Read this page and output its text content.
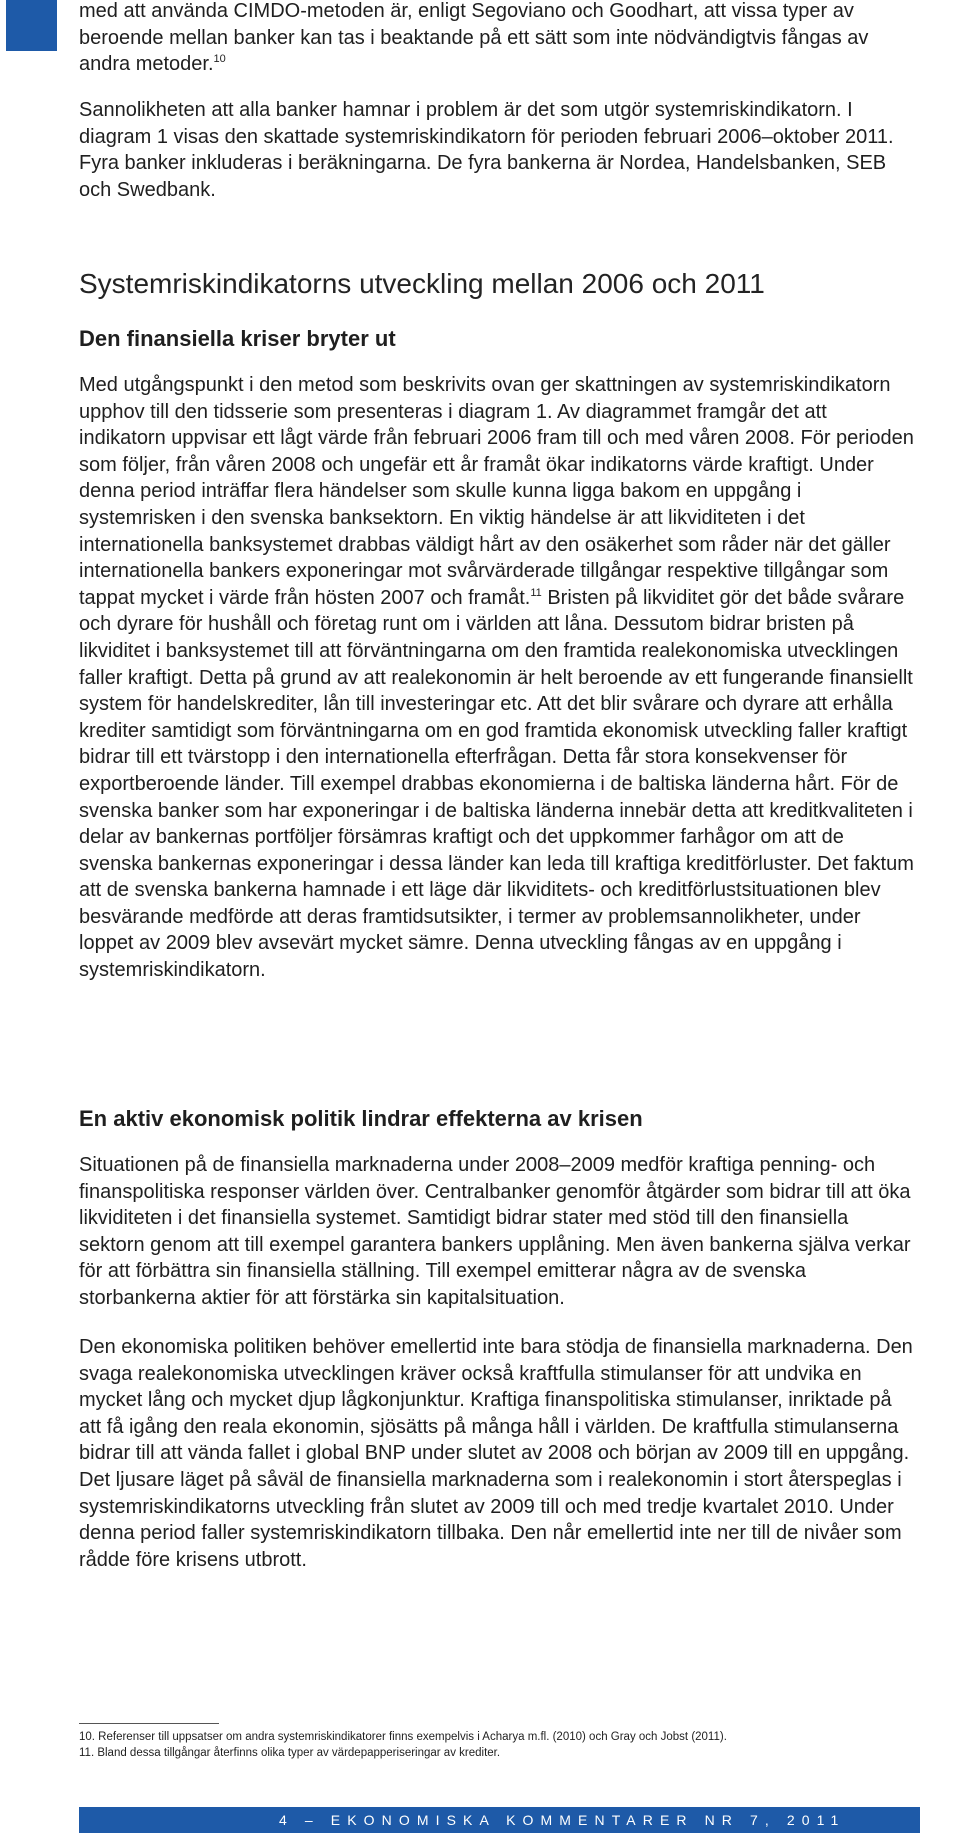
med att använda CIMDO-metoden är, enligt Segoviano och Goodhart, att vissa typer av beroende mellan banker kan tas i beaktande på ett sätt som inte nödvändigtvis fångas av andra metoder.$^{10}$

Sannolikheten att alla banker hamnar i problem är det som utgör systemriskindikatorn. I diagram 1 visas den skattade systemriskindikatorn för perioden februari 2006–oktober 2011. Fyra banker inkluderas i beräkningarna. De fyra bankerna är Nordea, Handelsbanken, SEB och Swedbank.

Systemriskindikatorns utveckling mellan 2006 och 2011
Den finansiella kriser bryter ut

Med utgångspunkt i den metod som beskrivits ovan ger skattningen av systemriskindikatorn upphov till den tidsserie som presenteras i diagram 1. Av diagrammet framgår det att indikatorn uppvisar ett lågt värde från februari 2006 fram till och med våren 2008. För perioden som följer, från våren 2008 och ungefär ett år framåt ökar indikatorns värde kraftigt. Under denna period inträffar flera händelser som skulle kunna ligga bakom en uppgång i systemrisken i den svenska banksektorn. En viktig händelse är att likviditeten i det internationella banksystemet drabbas väldigt hårt av den osäkerhet som råder när det gäller internationella bankers exponeringar mot svårvärderade tillgångar respektive tillgångar som tappat mycket i värde från hösten 2007 och framåt.$^{11}$ Bristen på likviditet gör det både svårare och dyrare för hushåll och företag runt om i världen att låna. Dessutom bidrar bristen på likviditet i banksystemet till att förväntningarna om den framtida realekonomiska utvecklingen faller kraftigt. Detta på grund av att realekonomin är helt beroende av ett fungerande finansiellt system för handelskrediter, lån till investeringar etc. Att det blir svårare och dyrare att erhålla krediter samtidigt som förväntningarna om en god framtida ekonomisk utveckling faller kraftigt bidrar till ett tvärstopp i den internationella efterfrågan. Detta får stora konsekvenser för exportberoende länder. Till exempel drabbas ekonomierna i de baltiska länderna hårt. För de svenska banker som har exponeringar i de baltiska länderna innebär detta att kreditkvaliteten i delar av bankernas portföljer försämras kraftigt och det uppkommer farhågor om att de svenska bankernas exponeringar i dessa länder kan leda till kraftiga kreditförluster. Det faktum att de svenska bankerna hamnade i ett läge där likviditets- och kreditförlustsituationen blev besvärande medförde att deras framtidsutsikter, i termer av problemsannolikheter, under loppet av 2009 blev avsevärt mycket sämre. Denna utveckling fångas av en uppgång i systemriskindikatorn.

En aktiv ekonomisk politik lindrar effekterna av krisen

Situationen på de finansiella marknaderna under 2008–2009 medför kraftiga penning- och finanspolitiska responser världen över. Centralbanker genomför åtgärder som bidrar till att öka likviditeten i det finansiella systemet. Samtidigt bidrar stater med stöd till den finansiella sektorn genom att till exempel garantera bankers upplåning. Men även bankerna själva verkar för att förbättra sin finansiella ställning. Till exempel emitterar några av de svenska storbankerna aktier för att förstärka sin kapitalsituation.

Den ekonomiska politiken behöver emellertid inte bara stödja de finansiella marknaderna. Den svaga realekonomiska utvecklingen kräver också kraftfulla stimulanser för att undvika en mycket lång och mycket djup lågkonjunktur. Kraftiga finanspolitiska stimulanser, inriktade på att få igång den reala ekonomin, sjösätts på många håll i världen. De kraftfulla stimulanserna bidrar till att vända fallet i global BNP under slutet av 2008 och början av 2009 till en uppgång. Det ljusare läget på såväl de finansiella marknaderna som i realekonomin i stort återspeglas i systemriskindikatorns utveckling från slutet av 2009 till och med tredje kvartalet 2010. Under denna period faller systemriskindikatorn tillbaka. Den når emellertid inte ner till de nivåer som rådde före krisens utbrott.

10. Referenser till uppsatser om andra systemriskindikatorer finns exempelvis i Acharya m.fl. (2010) och Gray och Jobst (2011).

11. Bland dessa tillgångar återfinns olika typer av värdepapperiseringar av krediter.

4 – EKONOMISKA KOMMENTARER NR 7, 2011
